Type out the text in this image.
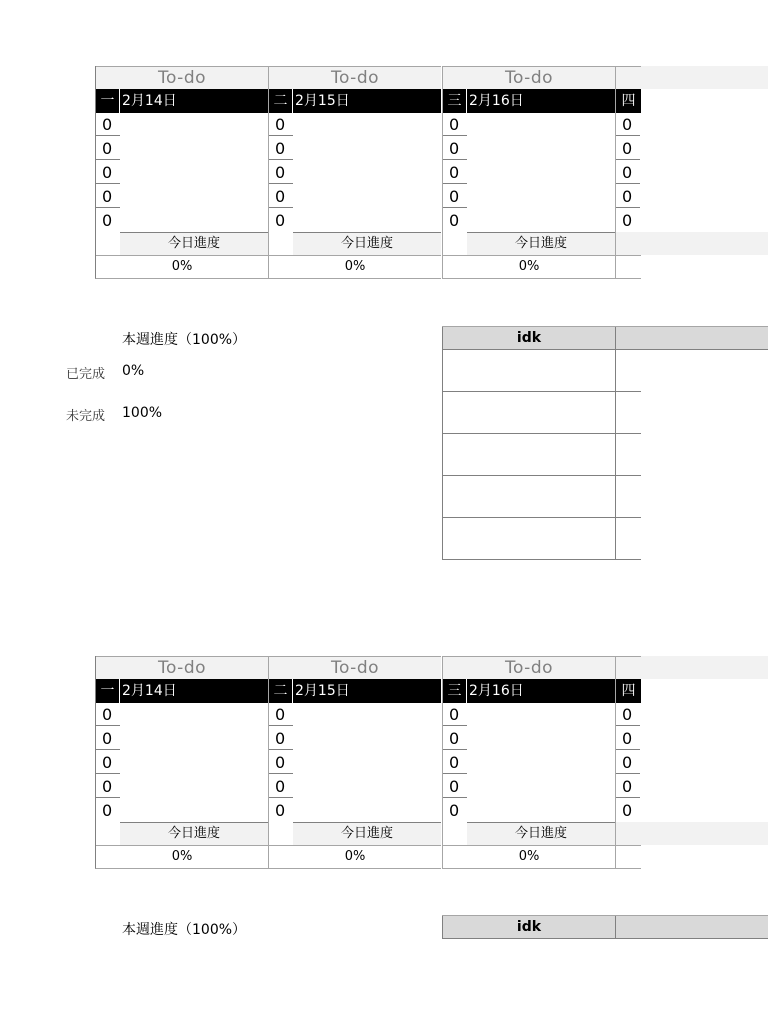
To-do
一 2月14日
0
0
0
0
0
今日進度
0%
To-do
二 2月15日
0
0
0
0
0
今日進度
0%
To-do
三 2月16日
0
0
0
0
0
今日進度
0%
四
0
0
0
0
0
本週進度（100%）
已完成 0%
未完成 100%
idk
To-do
一 2月14日
0
0
0
0
0
今日進度
0%
To-do
二 2月15日
0
0
0
0
0
今日進度
0%
To-do
三 2月16日
0
0
0
0
0
今日進度
0%
四
0
0
0
0
0
本週進度（100%）	idk
